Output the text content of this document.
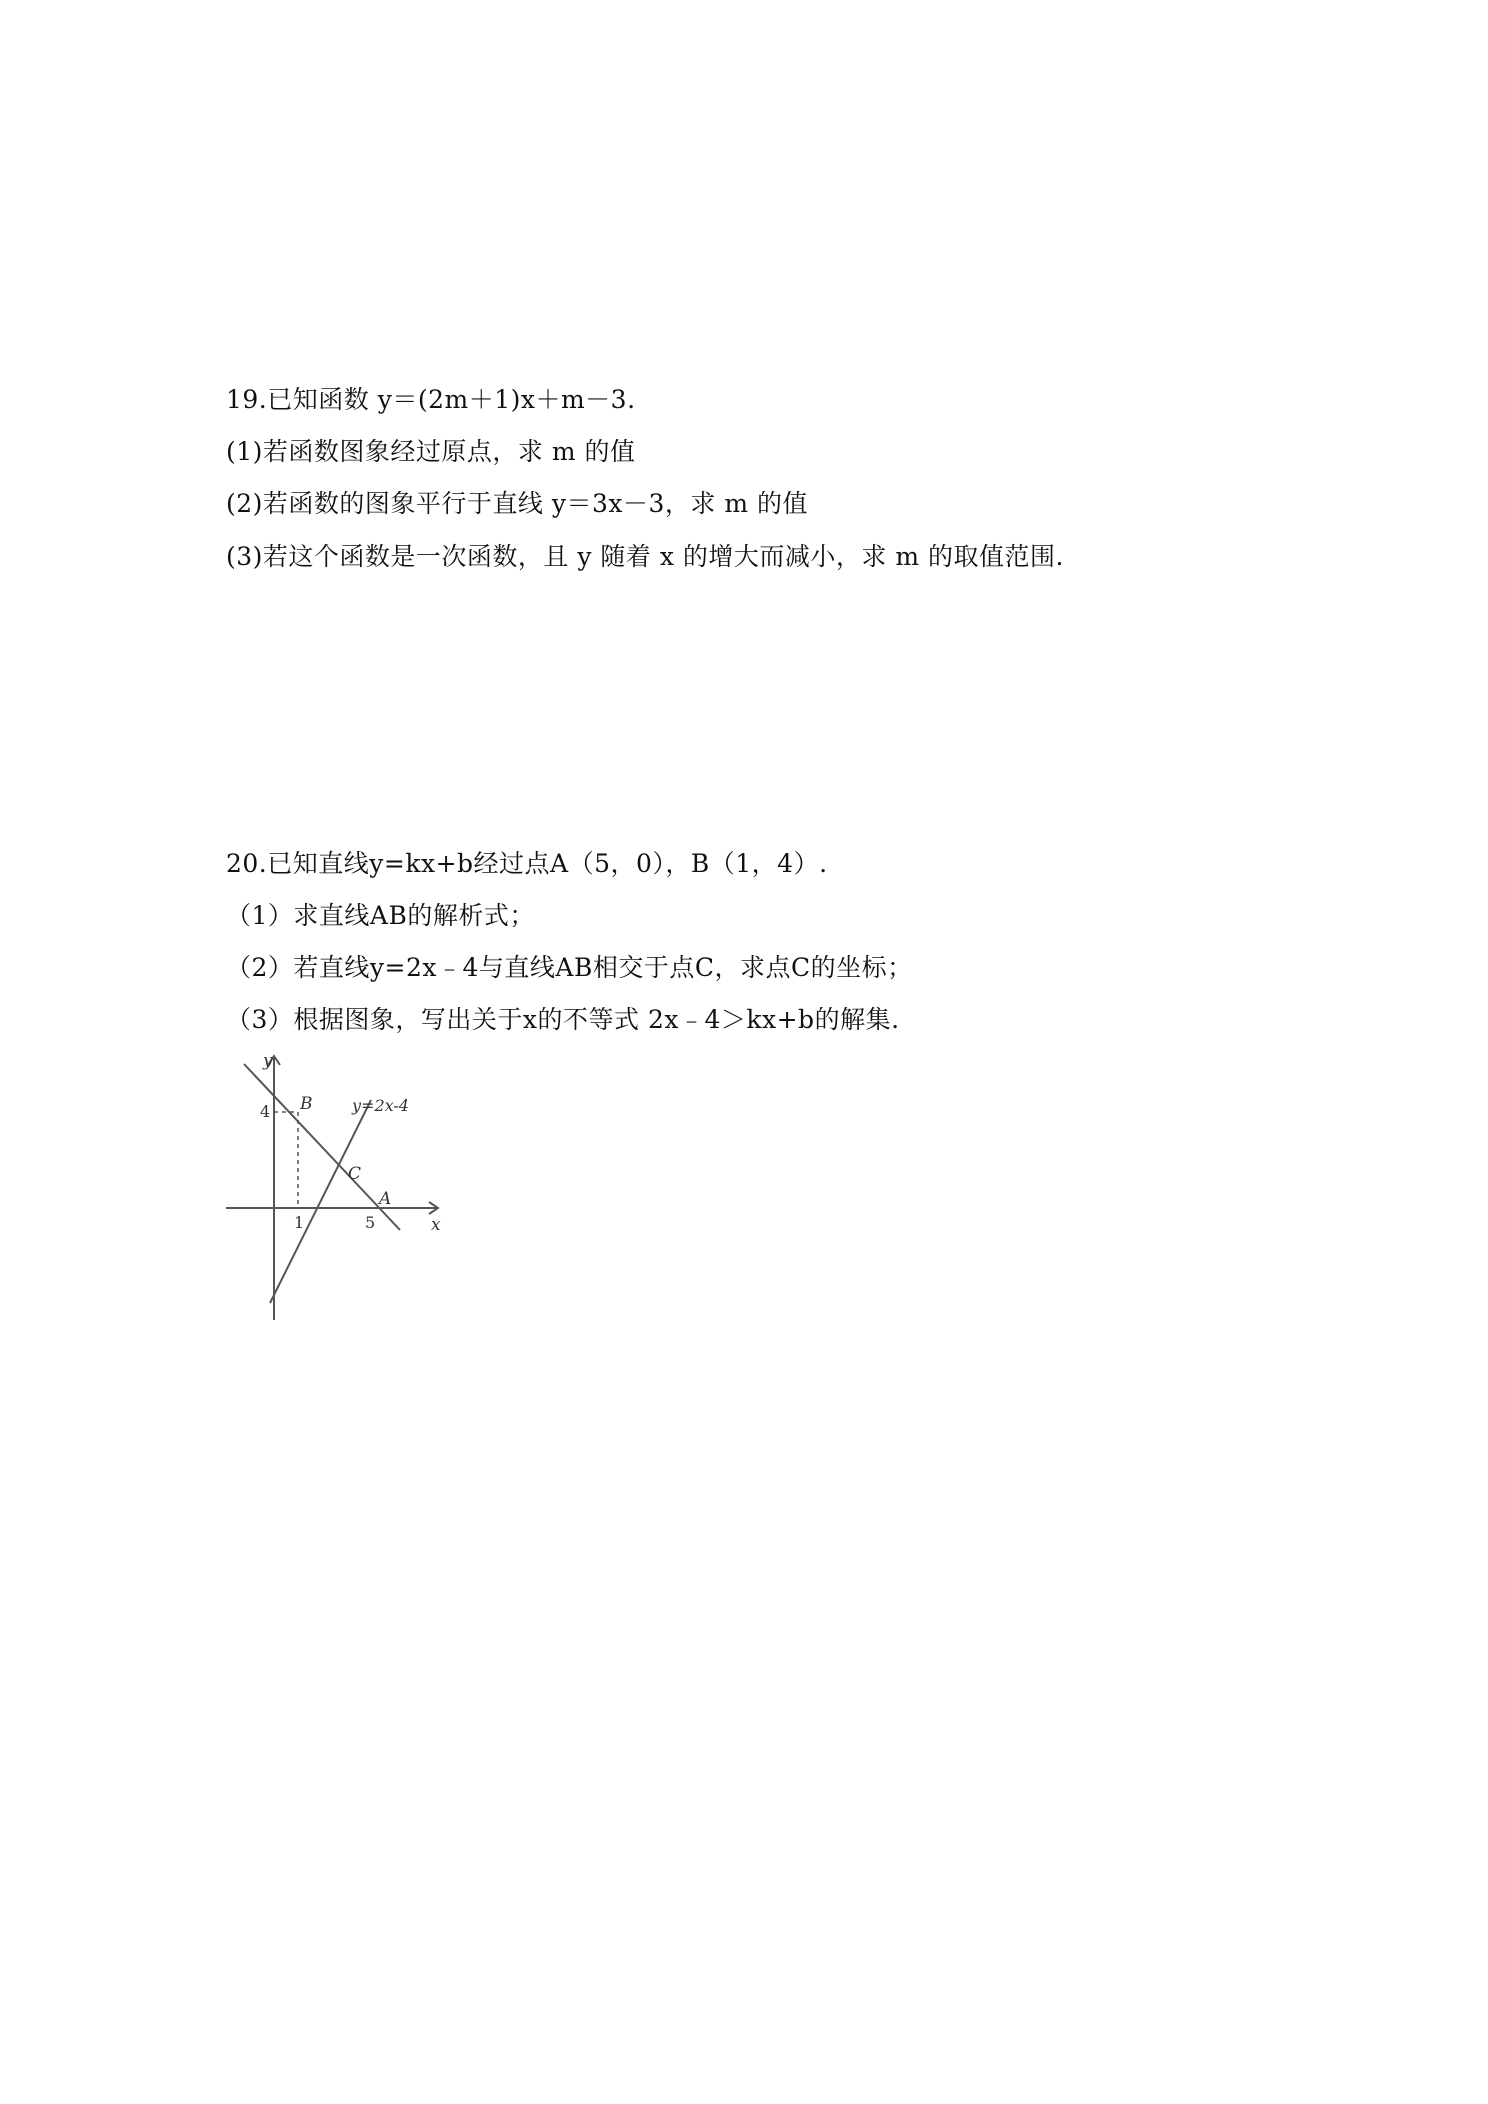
19.已知函数 y＝(2m＋1)x＋m－3.
(1)若函数图象经过原点，求 m 的值
(2)若函数的图象平行于直线 y＝3x－3，求 m 的值
(3)若这个函数是一次函数，且 y 随着 x 的增大而减小，求 m 的取值范围.
20.已知直线y=kx+b经过点A（5，0），B（1，4）.
（1）求直线AB的解析式；
（2）若直线y=2x﹣4与直线AB相交于点C，求点C的坐标；
（3）根据图象，写出关于x的不等式 2x﹣4＞kx+b的解集.
y
x
B
C
A
y=2x-4
4
1	5
